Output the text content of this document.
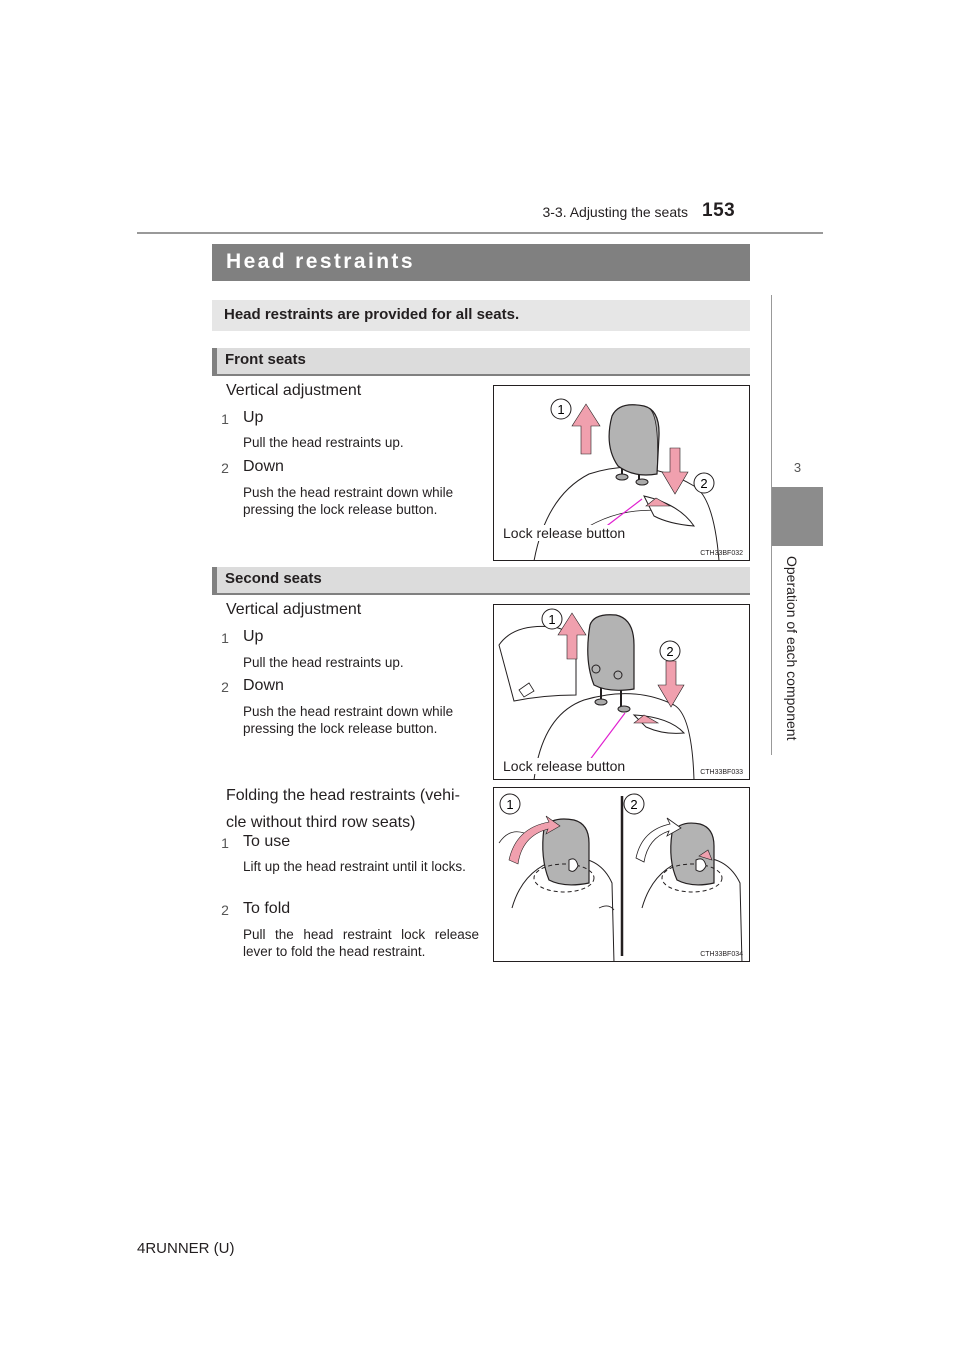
3-3. Adjusting the seats 153
3
Operation of each component
Head restraints
Head restraints are provided for all seats.
Front seats
Vertical adjustment
1 Up
Pull the head restraints up.
2 Down
Push the head restraint down while pressing the lock release button.
1
2
Lock release button
CTH33BF032
Second seats
Vertical adjustment
1 Up
Pull the head restraints up.
2 Down
Push the head restraint down while pressing the lock release button.
1
2
Lock release button	CTH33BF033
Folding the head restraints (vehi-
cle without third row seats)
1 To use
Lift up the head restraint until it locks.
2 To fold
Pull the head restraint lock release lever to fold the head restraint.
1	2
CTH33BF034
4RUNNER (U)
